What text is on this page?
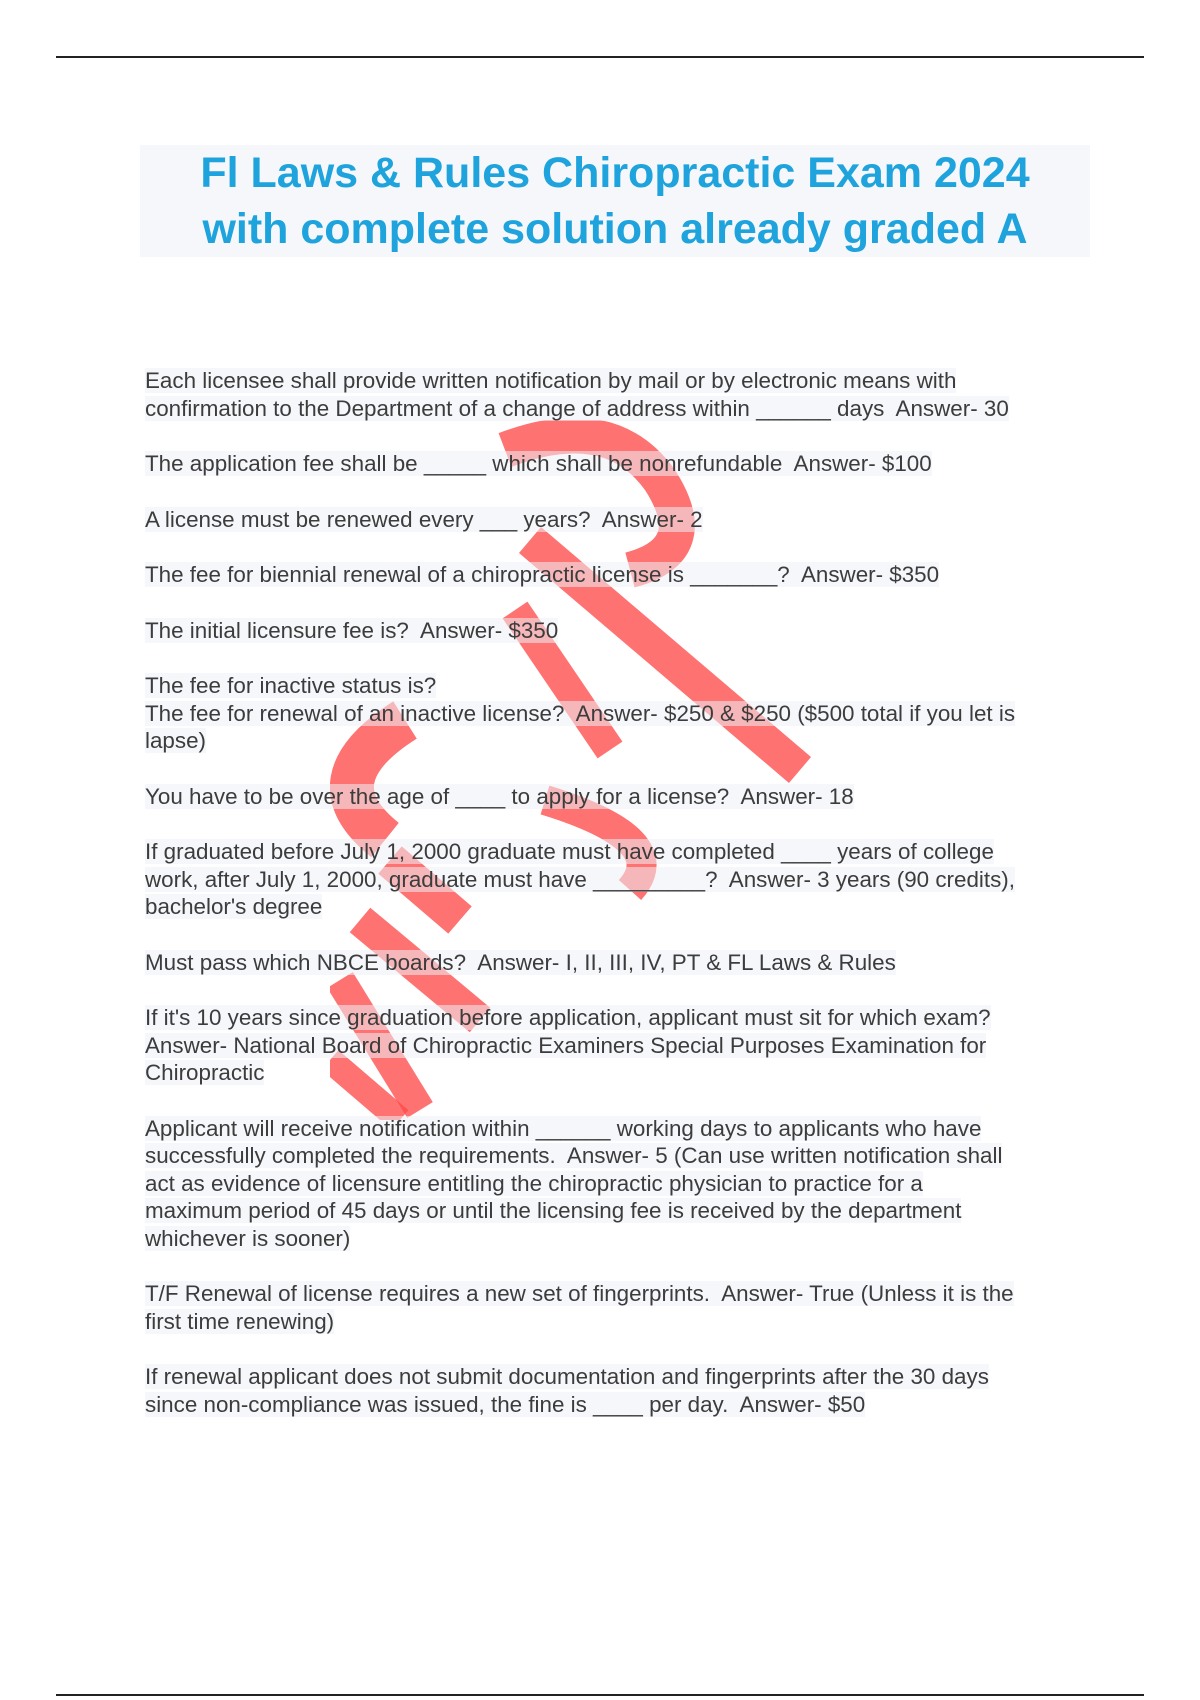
Fl Laws & Rules Chiropractic Exam 2024
with complete solution already graded A
Each licensee shall provide written notification by mail or by electronic means with
confirmation to the Department of a change of address within ______ days  Answer- 30
The application fee shall be _____ which shall be nonrefundable  Answer- $100
A license must be renewed every ___ years?  Answer- 2
The fee for biennial renewal of a chiropractic license is _______?  Answer- $350
The initial licensure fee is?  Answer- $350
The fee for inactive status is?
The fee for renewal of an inactive license?  Answer- $250 & $250 ($500 total if you let is
lapse)
You have to be over the age of ____ to apply for a license?  Answer- 18
If graduated before July 1, 2000 graduate must have completed ____ years of college
work, after July 1, 2000, graduate must have _________?  Answer- 3 years (90 credits),
bachelor's degree
Must pass which NBCE boards?  Answer- I, II, III, IV, PT & FL Laws & Rules
If it's 10 years since graduation before application, applicant must sit for which exam?
Answer- National Board of Chiropractic Examiners Special Purposes Examination for
Chiropractic
Applicant will receive notification within ______ working days to applicants who have
successfully completed the requirements.  Answer- 5 (Can use written notification shall
act as evidence of licensure entitling the chiropractic physician to practice for a
maximum period of 45 days or until the licensing fee is received by the department
whichever is sooner)
T/F Renewal of license requires a new set of fingerprints.  Answer- True (Unless it is the
first time renewing)
If renewal applicant does not submit documentation and fingerprints after the 30 days
since non-compliance was issued, the fine is ____ per day.  Answer- $50
